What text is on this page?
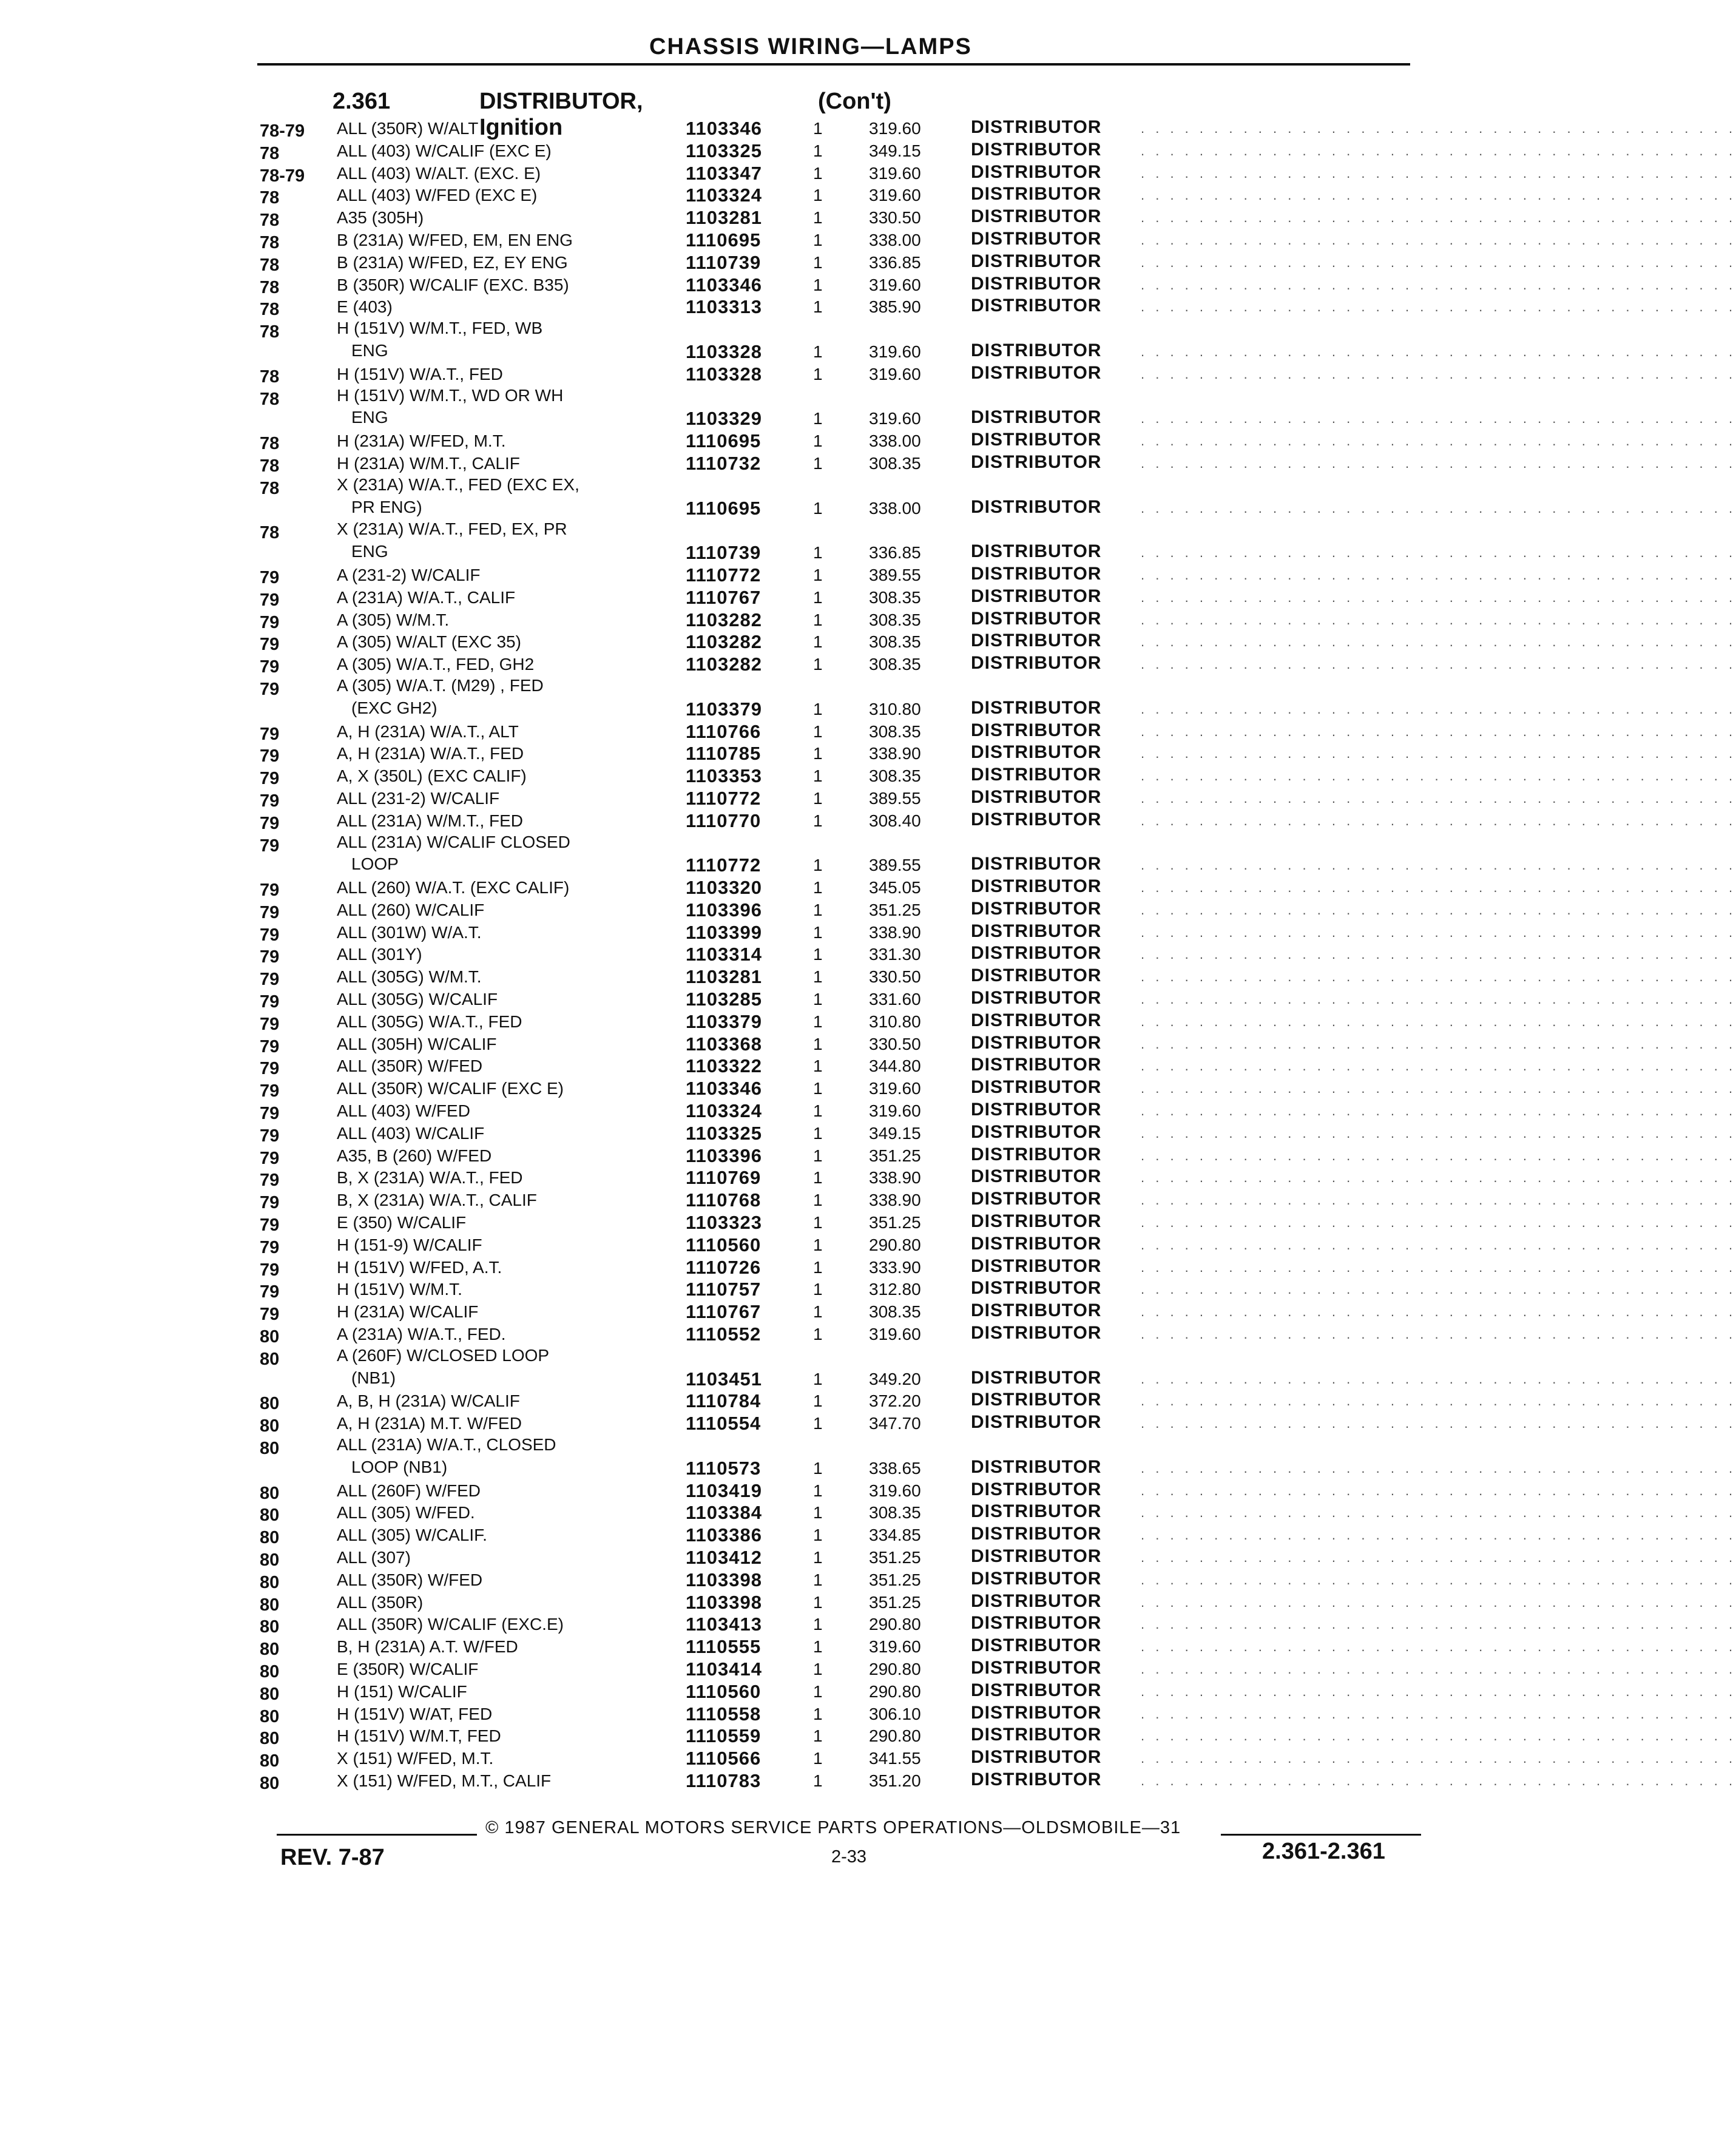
CHASSIS WIRING—LAMPS
2.361	DISTRIBUTOR, Ignition
(Con't)
78-79 ALL (350R) W/ALT	1103346	1	319.60	DISTRIBUTOR	. . . . . . . . . . . . . . . . . . . . . . . . . . . . . . . . . . . . . . . . .
78	ALL (403) W/CALIF (EXC E)	1103325	1	349.15	DISTRIBUTOR	. . . . . . . . . . . . . . . . . . . . . . . . . . . . . . . . . . . . . . . . .
78-79 ALL (403) W/ALT. (EXC. E)	1103347	1	319.60	DISTRIBUTOR	. . . . . . . . . . . . . . . . . . . . . . . . . . . . . . . . . . . . . . . . .
78	ALL (403) W/FED (EXC E)	1103324	1	319.60	DISTRIBUTOR	. . . . . . . . . . . . . . . . . . . . . . . . . . . . . . . . . . . . . . . . .
78	A35 (305H)	1103281	1	330.50	DISTRIBUTOR	. . . . . . . . . . . . . . . . . . . . . . . . . . . . . . . . . . . . . . . . .
78	B (231A) W/FED, EM, EN ENG	1110695	1	338.00	DISTRIBUTOR	. . . . . . . . . . . . . . . . . . . . . . . . . . . . . . . . . . . . . . . . .
78	B (231A) W/FED, EZ, EY ENG	1110739	1	336.85	DISTRIBUTOR	. . . . . . . . . . . . . . . . . . . . . . . . . . . . . . . . . . . . . . . . .
78	B (350R) W/CALIF (EXC. B35)	1103346	1	319.60	DISTRIBUTOR	. . . . . . . . . . . . . . . . . . . . . . . . . . . . . . . . . . . . . . . . .
78	E (403)	1103313	1	385.90	DISTRIBUTOR	. . . . . . . . . . . . . . . . . . . . . . . . . . . . . . . . . . . . . . . . .
78	H (151V) W/M.T., FED, WB
ENG	1103328	1	319.60	DISTRIBUTOR	. . . . . . . . . . . . . . . . . . . . . . . . . . . . . . . . . . . . . . . . .
78	H (151V) W/A.T., FED	1103328	1	319.60	DISTRIBUTOR	. . . . . . . . . . . . . . . . . . . . . . . . . . . . . . . . . . . . . . . . .
78	H (151V) W/M.T., WD OR WH
ENG	1103329	1	319.60	DISTRIBUTOR	. . . . . . . . . . . . . . . . . . . . . . . . . . . . . . . . . . . . . . . . .
78	H (231A) W/FED, M.T.	1110695	1	338.00	DISTRIBUTOR	. . . . . . . . . . . . . . . . . . . . . . . . . . . . . . . . . . . . . . . . .
78	H (231A) W/M.T., CALIF	1110732	1	308.35	DISTRIBUTOR	. . . . . . . . . . . . . . . . . . . . . . . . . . . . . . . . . . . . . . . . .
78	X (231A) W/A.T., FED (EXC EX,
PR ENG)	1110695	1	338.00	DISTRIBUTOR	. . . . . . . . . . . . . . . . . . . . . . . . . . . . . . . . . . . . . . . . .
78	X (231A) W/A.T., FED, EX, PR
ENG	1110739	1	336.85	DISTRIBUTOR	. . . . . . . . . . . . . . . . . . . . . . . . . . . . . . . . . . . . . . . . .
79	A (231-2) W/CALIF	1110772	1	389.55	DISTRIBUTOR	. . . . . . . . . . . . . . . . . . . . . . . . . . . . . . . . . . . . . . . . .
79	A (231A) W/A.T., CALIF	1110767	1	308.35	DISTRIBUTOR	. . . . . . . . . . . . . . . . . . . . . . . . . . . . . . . . . . . . . . . . .
79	A (305) W/M.T.	1103282	1	308.35	DISTRIBUTOR	. . . . . . . . . . . . . . . . . . . . . . . . . . . . . . . . . . . . . . . . .
79	A (305) W/ALT (EXC 35)	1103282	1	308.35	DISTRIBUTOR	. . . . . . . . . . . . . . . . . . . . . . . . . . . . . . . . . . . . . . . . .
79	A (305) W/A.T., FED, GH2	1103282	1	308.35	DISTRIBUTOR	. . . . . . . . . . . . . . . . . . . . . . . . . . . . . . . . . . . . . . . . .
79	A (305) W/A.T. (M29) , FED
(EXC GH2)	1103379	1	310.80	DISTRIBUTOR	. . . . . . . . . . . . . . . . . . . . . . . . . . . . . . . . . . . . . . . . .
79	A, H (231A) W/A.T., ALT	1110766	1	308.35	DISTRIBUTOR	. . . . . . . . . . . . . . . . . . . . . . . . . . . . . . . . . . . . . . . . .
79	A, H (231A) W/A.T., FED	1110785	1	338.90	DISTRIBUTOR	. . . . . . . . . . . . . . . . . . . . . . . . . . . . . . . . . . . . . . . . .
79	A, X (350L) (EXC CALIF)	1103353	1	308.35	DISTRIBUTOR	. . . . . . . . . . . . . . . . . . . . . . . . . . . . . . . . . . . . . . . . .
79	ALL (231-2) W/CALIF	1110772	1	389.55	DISTRIBUTOR	. . . . . . . . . . . . . . . . . . . . . . . . . . . . . . . . . . . . . . . . .
79	ALL (231A) W/M.T., FED	1110770	1	308.40	DISTRIBUTOR	. . . . . . . . . . . . . . . . . . . . . . . . . . . . . . . . . . . . . . . . .
79	ALL (231A) W/CALIF CLOSED
LOOP	1110772	1	389.55	DISTRIBUTOR	. . . . . . . . . . . . . . . . . . . . . . . . . . . . . . . . . . . . . . . . .
79	ALL (260) W/A.T. (EXC CALIF)	1103320	1	345.05	DISTRIBUTOR	. . . . . . . . . . . . . . . . . . . . . . . . . . . . . . . . . . . . . . . . .
79	ALL (260) W/CALIF	1103396	1	351.25	DISTRIBUTOR	. . . . . . . . . . . . . . . . . . . . . . . . . . . . . . . . . . . . . . . . .
79	ALL (301W) W/A.T.	1103399	1	338.90	DISTRIBUTOR	. . . . . . . . . . . . . . . . . . . . . . . . . . . . . . . . . . . . . . . . .
79	ALL (301Y)	1103314	1	331.30	DISTRIBUTOR	. . . . . . . . . . . . . . . . . . . . . . . . . . . . . . . . . . . . . . . . .
79	ALL (305G) W/M.T.	1103281	1	330.50	DISTRIBUTOR	. . . . . . . . . . . . . . . . . . . . . . . . . . . . . . . . . . . . . . . . .
79	ALL (305G) W/CALIF	1103285	1	331.60	DISTRIBUTOR	. . . . . . . . . . . . . . . . . . . . . . . . . . . . . . . . . . . . . . . . .
79	ALL (305G) W/A.T., FED	1103379	1	310.80	DISTRIBUTOR	. . . . . . . . . . . . . . . . . . . . . . . . . . . . . . . . . . . . . . . . .
79	ALL (305H) W/CALIF	1103368	1	330.50	DISTRIBUTOR	. . . . . . . . . . . . . . . . . . . . . . . . . . . . . . . . . . . . . . . . .
79	ALL (350R) W/FED	1103322	1	344.80	DISTRIBUTOR	. . . . . . . . . . . . . . . . . . . . . . . . . . . . . . . . . . . . . . . . .
79	ALL (350R) W/CALIF (EXC E)	1103346	1	319.60	DISTRIBUTOR	. . . . . . . . . . . . . . . . . . . . . . . . . . . . . . . . . . . . . . . . .
79	ALL (403) W/FED	1103324	1	319.60	DISTRIBUTOR	. . . . . . . . . . . . . . . . . . . . . . . . . . . . . . . . . . . . . . . . .
79	ALL (403) W/CALIF	1103325	1	349.15	DISTRIBUTOR	. . . . . . . . . . . . . . . . . . . . . . . . . . . . . . . . . . . . . . . . .
79	A35, B (260) W/FED	1103396	1	351.25	DISTRIBUTOR	. . . . . . . . . . . . . . . . . . . . . . . . . . . . . . . . . . . . . . . . .
79	B, X (231A) W/A.T., FED	1110769	1	338.90	DISTRIBUTOR	. . . . . . . . . . . . . . . . . . . . . . . . . . . . . . . . . . . . . . . . .
79	B, X (231A) W/A.T., CALIF	1110768	1	338.90	DISTRIBUTOR	. . . . . . . . . . . . . . . . . . . . . . . . . . . . . . . . . . . . . . . . .
79	E (350) W/CALIF	1103323	1	351.25	DISTRIBUTOR	. . . . . . . . . . . . . . . . . . . . . . . . . . . . . . . . . . . . . . . . .
79	H (151-9) W/CALIF	1110560	1	290.80	DISTRIBUTOR	. . . . . . . . . . . . . . . . . . . . . . . . . . . . . . . . . . . . . . . . .
79	H (151V) W/FED, A.T.	1110726	1	333.90	DISTRIBUTOR	. . . . . . . . . . . . . . . . . . . . . . . . . . . . . . . . . . . . . . . . .
79	H (151V) W/M.T.	1110757	1	312.80	DISTRIBUTOR	. . . . . . . . . . . . . . . . . . . . . . . . . . . . . . . . . . . . . . . . .
79	H (231A) W/CALIF	1110767	1	308.35	DISTRIBUTOR	. . . . . . . . . . . . . . . . . . . . . . . . . . . . . . . . . . . . . . . . .
80	A (231A) W/A.T., FED.	1110552	1	319.60	DISTRIBUTOR	. . . . . . . . . . . . . . . . . . . . . . . . . . . . . . . . . . . . . . . . .
80	A (260F) W/CLOSED LOOP
(NB1)	1103451	1	349.20	DISTRIBUTOR	. . . . . . . . . . . . . . . . . . . . . . . . . . . . . . . . . . . . . . . . .
80	A, B, H (231A) W/CALIF	1110784	1	372.20	DISTRIBUTOR	. . . . . . . . . . . . . . . . . . . . . . . . . . . . . . . . . . . . . . . . .
80	A, H (231A) M.T. W/FED	1110554	1	347.70	DISTRIBUTOR	. . . . . . . . . . . . . . . . . . . . . . . . . . . . . . . . . . . . . . . . .
80	ALL (231A) W/A.T., CLOSED
LOOP (NB1)	1110573	1	338.65	DISTRIBUTOR	. . . . . . . . . . . . . . . . . . . . . . . . . . . . . . . . . . . . . . . . .
80	ALL (260F) W/FED	1103419	1	319.60	DISTRIBUTOR	. . . . . . . . . . . . . . . . . . . . . . . . . . . . . . . . . . . . . . . . .
80	ALL (305) W/FED.	1103384	1	308.35	DISTRIBUTOR	. . . . . . . . . . . . . . . . . . . . . . . . . . . . . . . . . . . . . . . . .
80	ALL (305) W/CALIF.	1103386	1	334.85	DISTRIBUTOR	. . . . . . . . . . . . . . . . . . . . . . . . . . . . . . . . . . . . . . . . .
80	ALL (307)	1103412	1	351.25	DISTRIBUTOR	. . . . . . . . . . . . . . . . . . . . . . . . . . . . . . . . . . . . . . . . .
80	ALL (350R) W/FED	1103398	1	351.25	DISTRIBUTOR	. . . . . . . . . . . . . . . . . . . . . . . . . . . . . . . . . . . . . . . . .
80	ALL (350R)	1103398	1	351.25	DISTRIBUTOR	. . . . . . . . . . . . . . . . . . . . . . . . . . . . . . . . . . . . . . . . .
80	ALL (350R) W/CALIF (EXC.E)	1103413	1	290.80	DISTRIBUTOR	. . . . . . . . . . . . . . . . . . . . . . . . . . . . . . . . . . . . . . . . .
80	B, H (231A) A.T. W/FED	1110555	1	319.60	DISTRIBUTOR	. . . . . . . . . . . . . . . . . . . . . . . . . . . . . . . . . . . . . . . . .
80	E (350R) W/CALIF	1103414	1	290.80	DISTRIBUTOR	. . . . . . . . . . . . . . . . . . . . . . . . . . . . . . . . . . . . . . . . .
80	H (151) W/CALIF	1110560	1	290.80	DISTRIBUTOR	. . . . . . . . . . . . . . . . . . . . . . . . . . . . . . . . . . . . . . . . .
80	H (151V) W/AT, FED	1110558	1	306.10	DISTRIBUTOR	. . . . . . . . . . . . . . . . . . . . . . . . . . . . . . . . . . . . . . . . .
80	H (151V) W/M.T, FED	1110559	1	290.80	DISTRIBUTOR	. . . . . . . . . . . . . . . . . . . . . . . . . . . . . . . . . . . . . . . . .
80	X (151) W/FED, M.T.	1110566	1	341.55	DISTRIBUTOR	. . . . . . . . . . . . . . . . . . . . . . . . . . . . . . . . . . . . . . . . .
80	X (151) W/FED, M.T., CALIF	1110783	1	351.20	DISTRIBUTOR	. . . . . . . . . . . . . . . . . . . . . . . . . . . . . . . . . . . . . . . . .
© 1987 GENERAL MOTORS SERVICE PARTS OPERATIONS—OLDSMOBILE—31
REV. 7-87	2-33	2.361-2.361
